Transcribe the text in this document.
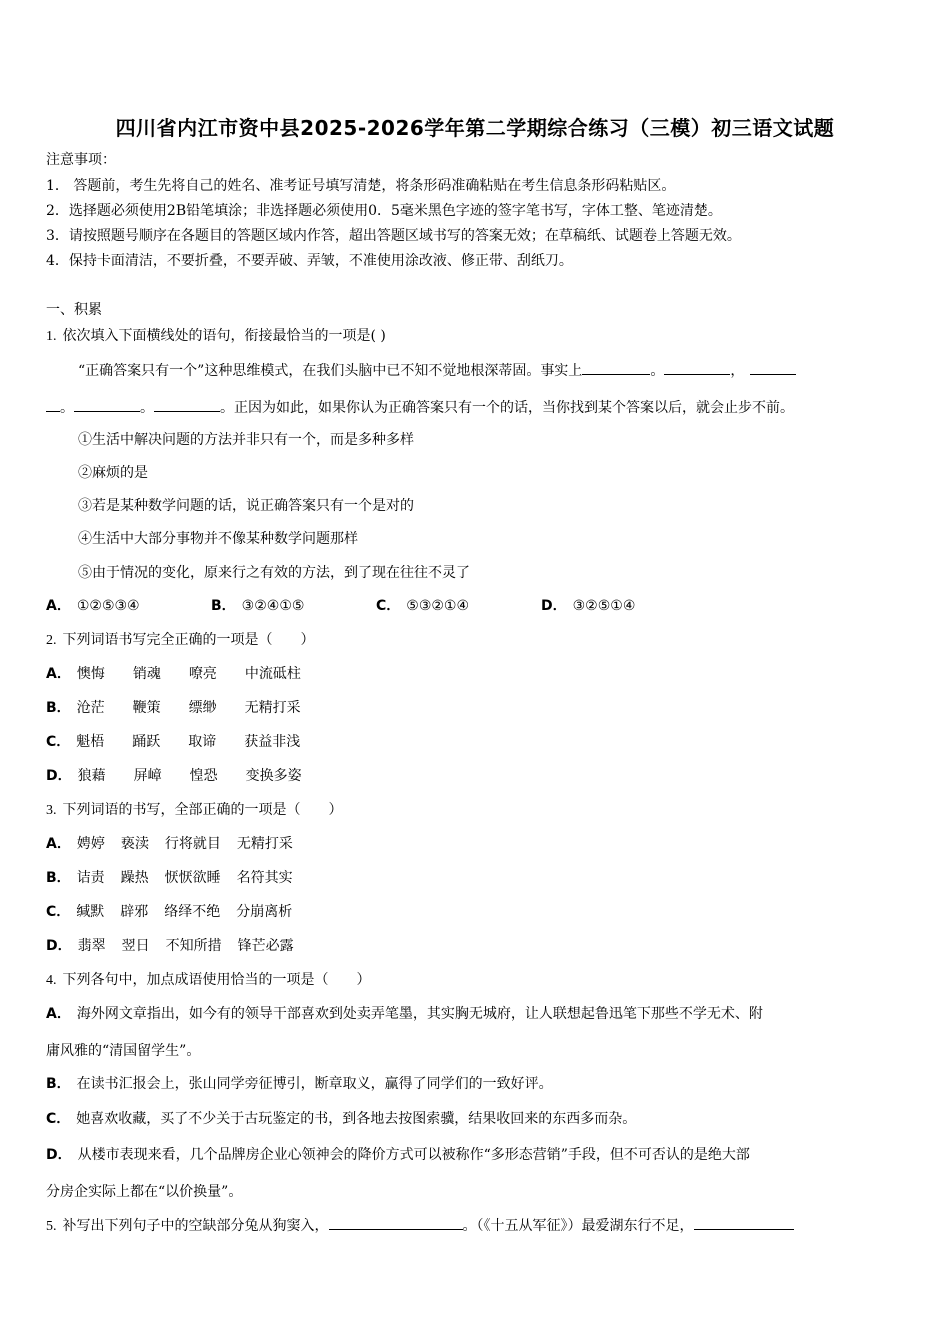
四川省内江市资中县2025-2026学年第二学期综合练习（三模）初三语文试题
注意事项：
1． 答题前，考生先将自己的姓名、准考证号填写清楚，将条形码准确粘贴在考生信息条形码粘贴区。
2．选择题必须使用2B铅笔填涂；非选择题必须使用0．5毫米黑色字迹的签字笔书写，字体工整、笔迹清楚。
3．请按照题号顺序在各题目的答题区域内作答，超出答题区域书写的答案无效；在草稿纸、试题卷上答题无效。
4．保持卡面清洁，不要折叠，不要弄破、弄皱，不准使用涂改液、修正带、刮纸刀。
一、积累
1. 依次填入下面横线处的语句，衔接最恰当的一项是( )
“正确答案只有一个”这种思维模式，在我们头脑中已不知不觉地根深蒂固。事实上	。	，
。	。	。正因为如此，如果你认为正确答案只有一个的话，当你找到某个答案以后，就会止步不前。
①生活中解决问题的方法并非只有一个，而是多种多样
②麻烦的是
③若是某种数学问题的话，说正确答案只有一个是对的
④生活中大部分事物并不像某种数学问题那样
⑤由于情况的变化，原来行之有效的方法，到了现在往往不灵了
A． ①②⑤③④	B． ③②④①⑤	C． ⑤③②①④	D． ③②⑤①④
2. 下列词语书写完全正确的一项是（　　）
A． 懊悔 销魂 嘹亮 中流砥柱
B． 沧茫 鞭策 缥缈 无精打采
C． 魁梧 踊跃 取谛 获益非浅
D． 狼藉 屏嶂 惶恐 变换多姿
3. 下列词语的书写，全部正确的一项是（　　）
A． 娉婷 亵渎 行将就目 无精打采
B． 诘责 躁热 恹恹欲睡 名符其实
C． 缄默 辟邪 络绎不绝 分崩离析
D． 翡翠 翌日 不知所措 锋芒必露
4. 下列各句中，加点成语使用恰当的一项是（　　）
A． 海外网文章指出，如今有的领导干部喜欢到处卖弄笔墨，其实胸无城府，让人联想起鲁迅笔下那些不学无术、附
庸风雅的“清国留学生”。
B． 在读书汇报会上，张山同学旁征博引，断章取义，赢得了同学们的一致好评。
C． 她喜欢收藏，买了不少关于古玩鉴定的书，到各地去按图索骥，结果收回来的东西多而杂。
D． 从楼市表现来看，几个品牌房企业心领神会的降价方式可以被称作“多形态营销”手段，但不可否认的是绝大部
分房企实际上都在“以价换量”。
5. 补写出下列句子中的空缺部分兔从狗窦入，	。（《十五从军征》）最爱湖东行不足，
